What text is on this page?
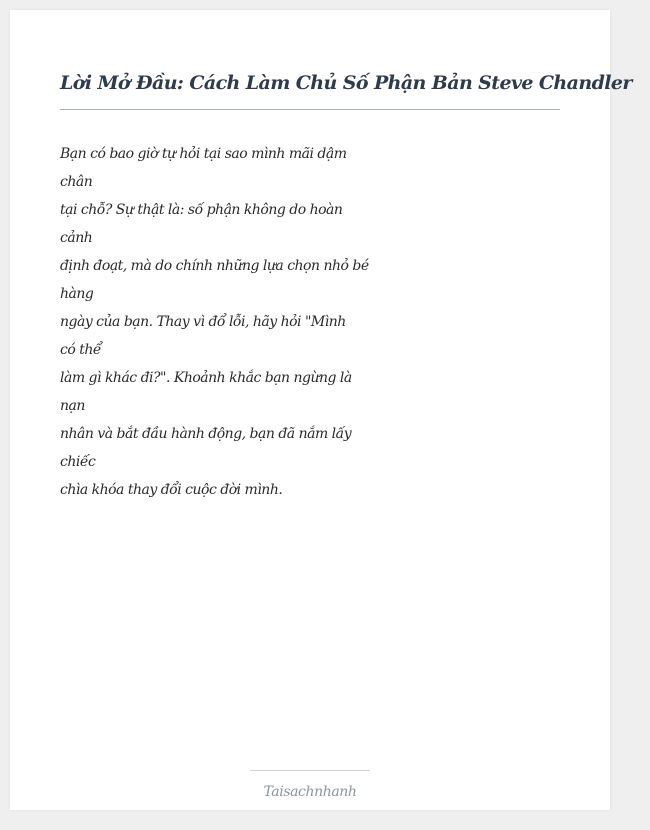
Lời Mở Đầu: Cách Làm Chủ Số Phận Bản Steve Chandler
Bạn có bao giờ tự hỏi tại sao mình mãi dậm
chân
tại chỗ? Sự thật là: số phận không do hoàn
cảnh
định đoạt, mà do chính những lựa chọn nhỏ bé
hàng
ngày của bạn. Thay vì đổ lỗi, hãy hỏi "Mình
có thể
làm gì khác đi?". Khoảnh khắc bạn ngừng là
nạn
nhân và bắt đầu hành động, bạn đã nắm lấy
chiếc
chìa khóa thay đổi cuộc đời mình.
Taisachnhanh
